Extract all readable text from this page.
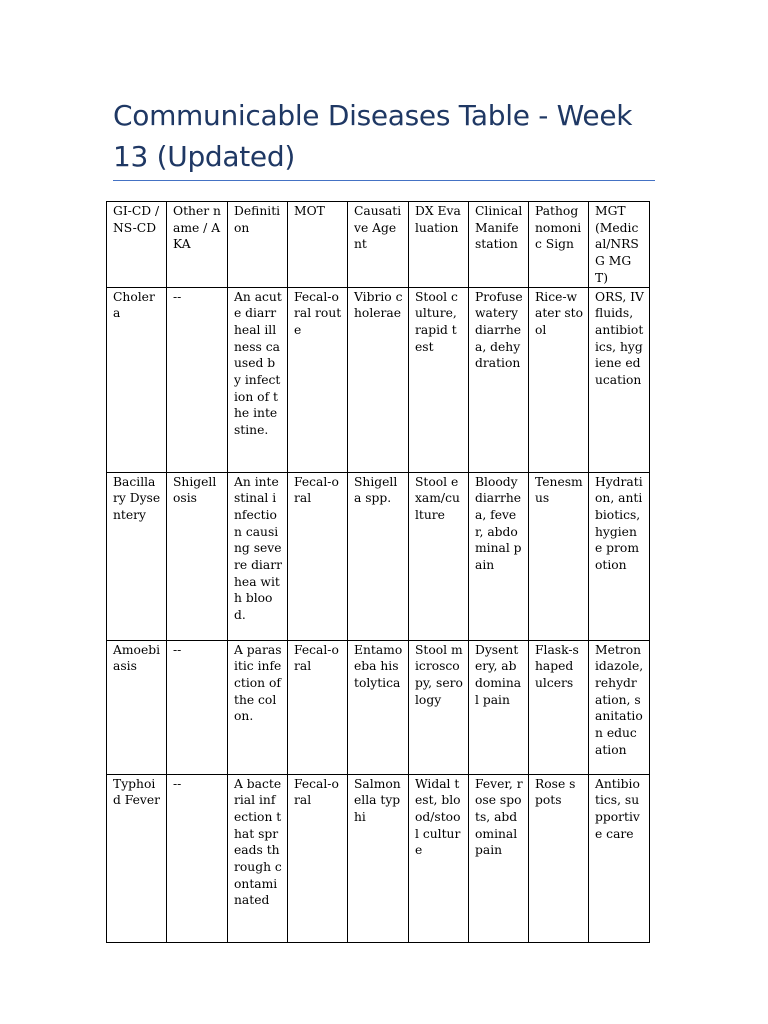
Communicable Diseases Table - Week 13 (Updated)
GI-CD / NS-CD	Other name / AKA	Definition	MOT	Causative Agent	DX Evaluation	Clinical Manifestation	Pathognomonic Sign	MGT (Medical/NRSG MGT)
Cholera	--	An acute diarrheal illness caused by infection of the intestine.	Fecal-oral route	Vibrio cholerae	Stool culture, rapid test	Profuse watery diarrhea, dehydration	Rice-water stool	ORS, IV fluids, antibiotics, hygiene education
Bacillary Dysentery	Shigellosis	An intestinal infection causing severe diarrhea with blood.	Fecal-oral	Shigella spp.	Stool exam/culture	Bloody diarrhea, fever, abdominal pain	Tenesmus	Hydration, antibiotics, hygiene promotion
Amoebiasis	--	A parasitic infection of the colon.	Fecal-oral	Entamoeba histolytica	Stool microscopy, serology	Dysentery, abdominal pain	Flask-shaped ulcers	Metronidazole, rehydration, sanitation education
Typhoid Fever	--	A bacterial infection that spreads through contaminated	Fecal-oral	Salmonella typhi	Widal test, blood/stool culture	Fever, rose spots, abdominal pain	Rose spots	Antibiotics, supportive care
